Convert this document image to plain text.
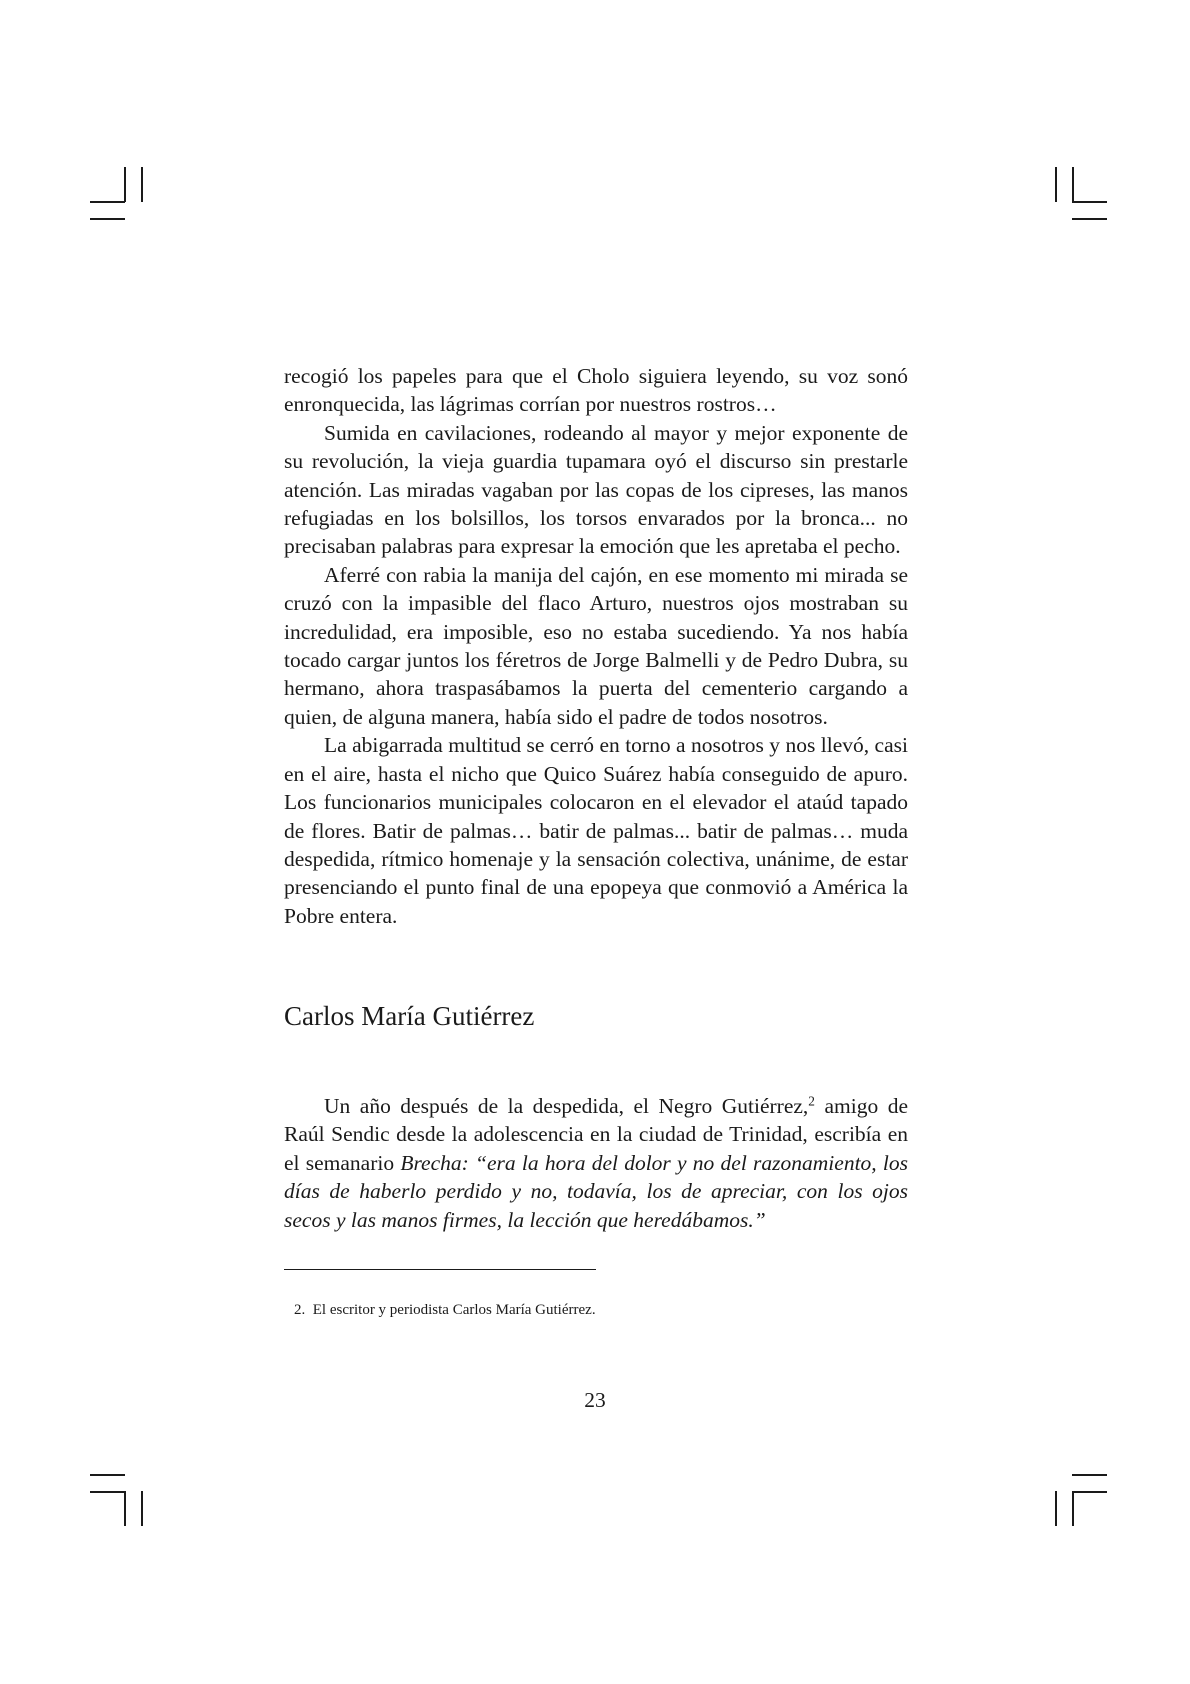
recogió los papeles para que el Cholo siguiera leyendo, su voz sonó enronquecida, las lágrimas corrían por nuestros rostros…

Sumida en cavilaciones, rodeando al mayor y mejor exponente de su revolución, la vieja guardia tupamara oyó el discurso sin prestarle atención. Las miradas vagaban por las copas de los cipreses, las manos refugiadas en los bolsillos, los torsos envarados por la bronca... no precisaban palabras para expresar la emoción que les apretaba el pecho.

Aferré con rabia la manija del cajón, en ese momento mi mirada se cruzó con la impasible del flaco Arturo, nuestros ojos mostraban su incredulidad, era imposible, eso no estaba sucediendo. Ya nos había tocado cargar juntos los féretros de Jorge Balmelli y de Pedro Dubra, su hermano, ahora traspasábamos la puerta del cementerio cargando a quien, de alguna manera, había sido el padre de todos nosotros.

La abigarrada multitud se cerró en torno a nosotros y nos llevó, casi en el aire, hasta el nicho que Quico Suárez había conseguido de apuro. Los funcionarios municipales colocaron en el elevador el ataúd tapado de flores. Batir de palmas… batir de palmas... batir de palmas… muda despedida, rítmico homenaje y la sensación colectiva, unánime, de estar presenciando el punto final de una epopeya que conmovió a América la Pobre entera.

Carlos María Gutiérrez

Un año después de la despedida, el Negro Gutiérrez,$^2$ amigo de Raúl Sendic desde la adolescencia en la ciudad de Trinidad, escribía en el semanario Brecha: “era la hora del dolor y no del razonamiento, los días de haberlo perdido y no, todavía, los de apreciar, con los ojos secos y las manos firmes, la lección que heredábamos.”

2. El escritor y periodista Carlos María Gutiérrez.

23
